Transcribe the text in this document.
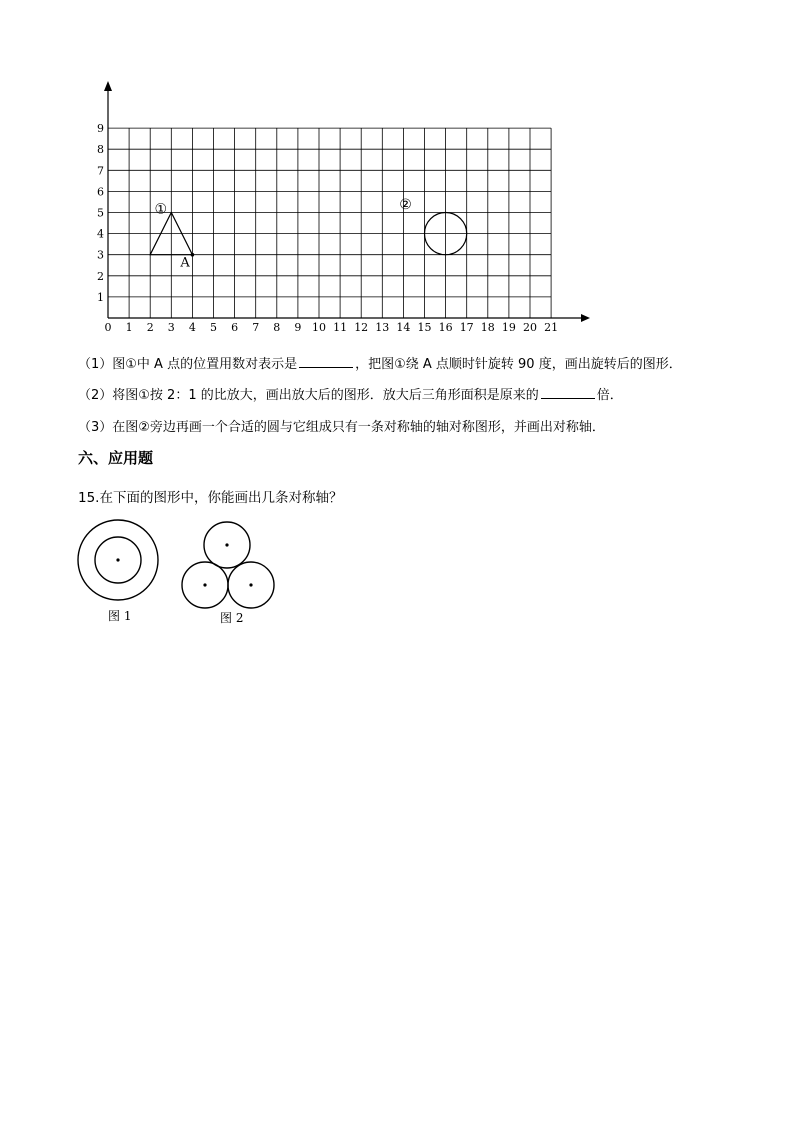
0 1 2 3 4 5 6 7 8 9 10 11 12 13 14 15 16 17 18 19 20 21
1
2
3
4
5
6
7
8
9
A
①	②
（1）图①中 A 点的位置用数对表示是	，把图①绕 A 点顺时针旋转 90 度，画出旋转后的图形．
（2）将图①按 2：1 的比放大，画出放大后的图形．放大后三角形面积是原来的	倍．
（3）在图②旁边再画一个合适的圆与它组成只有一条对称轴的轴对称图形，并画出对称轴．
六、应用题
15.在下面的图形中，你能画出几条对称轴？
图 1	图 2
